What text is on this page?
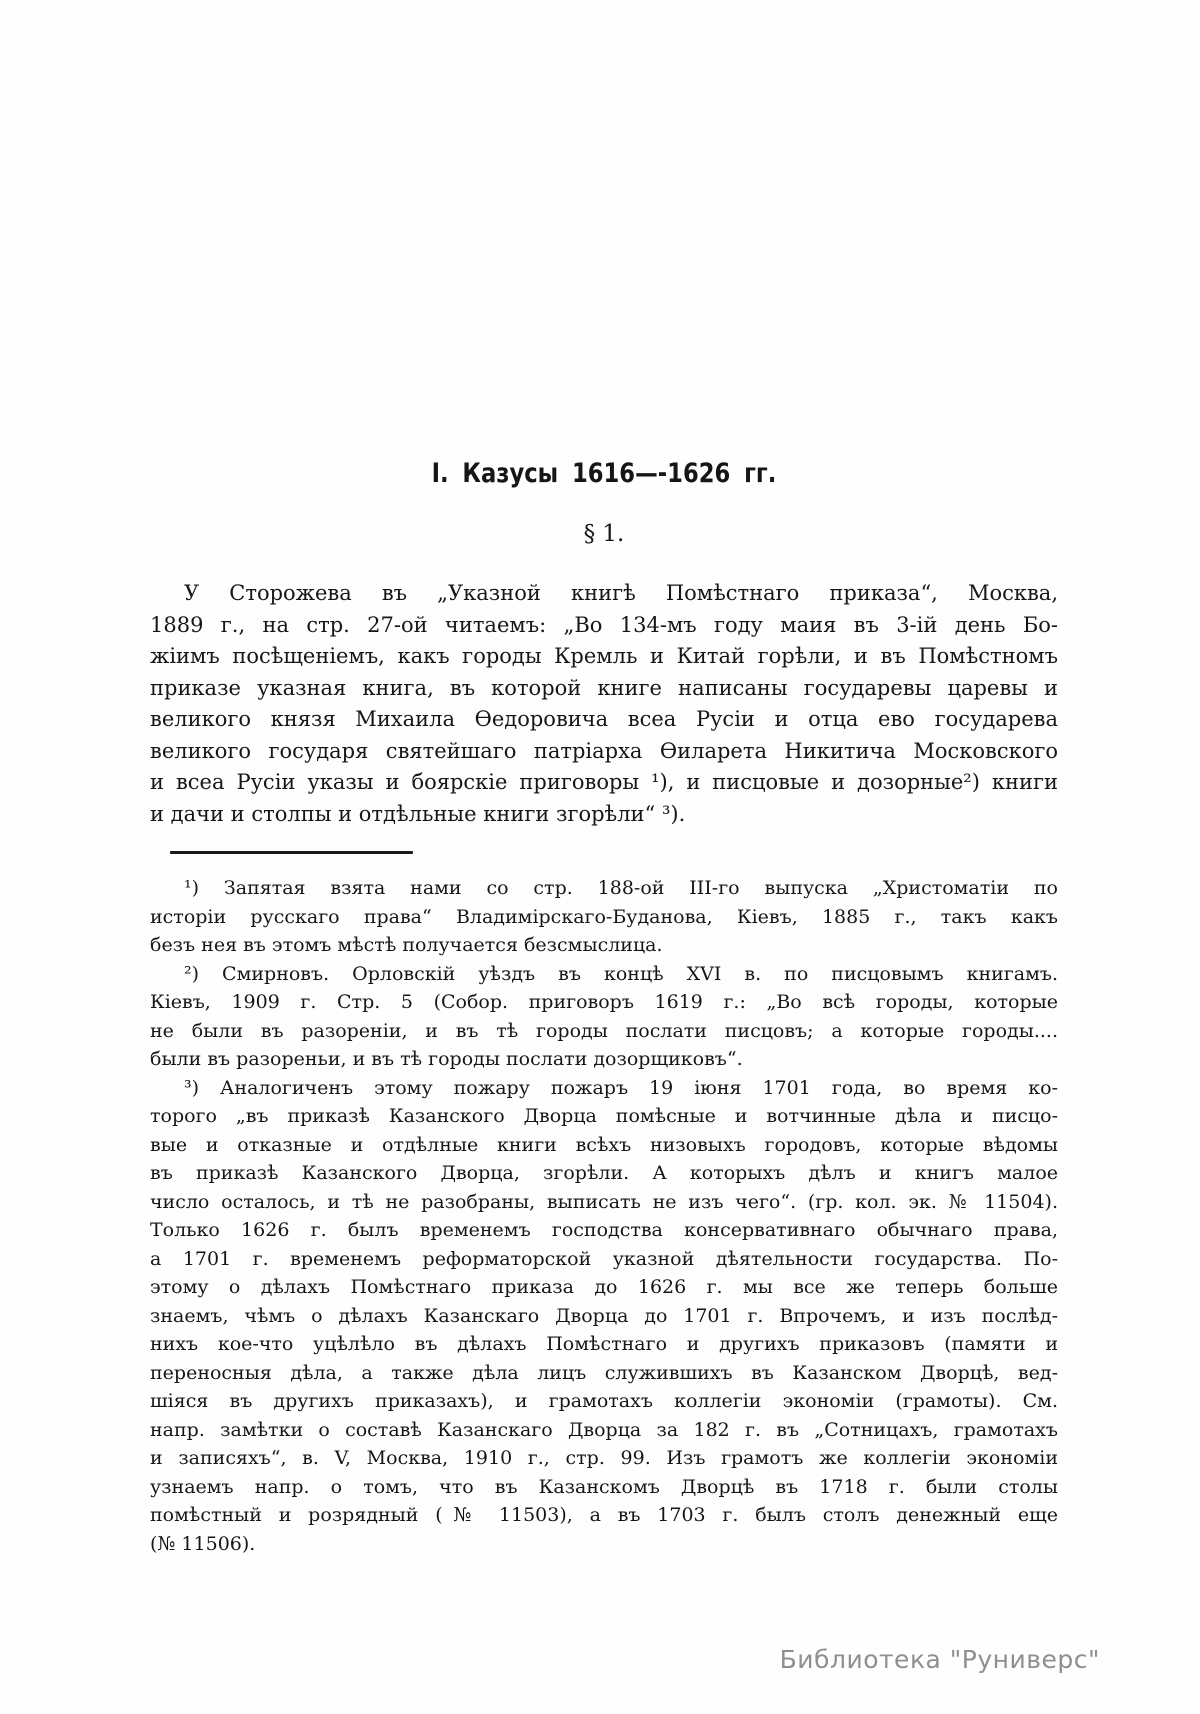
I. Казусы 1616—-1626 гг.
§ 1.
У Сторожева въ „Указной книгѣ Помѣстнаго приказа“, Москва,
1889 г., на стр. 27-ой читаемъ: „Во 134-мъ году маия въ 3-ій день Бо-
жіимъ посѣщеніемъ, какъ городы Кремль и Китай горѣли, и въ Помѣстномъ
приказе указная книга, въ которой книге написаны государевы царевы и
великого князя Михаила Ѳедоровича всеа Русіи и отца ево государева
великого государя святейшаго патріарха Ѳиларета Никитича Московского
и всеа Русіи указы и боярскіе приговоры ¹), и писцовые и дозорные²) книги
и дачи и столпы и отдѣльные книги згорѣли“ ³).
¹) Запятая взята нами со стр. 188-ой III-го выпуска „Христоматіи по
исторіи русскаго права“ Владимірскаго-Буданова, Кіевъ, 1885 г., такъ какъ
безъ нея въ этомъ мѣстѣ получается безсмыслица.
²) Смирновъ. Орловскій уѣздъ въ концѣ XVI в. по писцовымъ книгамъ.
Кіевъ, 1909 г. Стр. 5 (Собор. приговоръ 1619 г.: „Во всѣ городы, которые
не были въ разореніи, и въ тѣ городы послати писцовъ; а которые городы....
были въ разореньи, и въ тѣ городы послати дозорщиковъ“.
³) Аналогиченъ этому пожару пожаръ 19 іюня 1701 года, во время ко-
торого „въ приказѣ Казанского Дворца помѣсные и вотчинные дѣла и писцо-
вые и отказные и отдѣлные книги всѣхъ низовыхъ городовъ, которые вѣдомы
въ приказѣ Казанского Дворца, згорѣли. А которыхъ дѣлъ и книгъ малое
число осталось, и тѣ не разобраны, выписать не изъ чего“. (гр. кол. эк. № 11504).
Только 1626 г. былъ временемъ господства консервативнаго обычнаго права,
а 1701 г. временемъ реформаторской указной дѣятельности государства. По-
этому о дѣлахъ Помѣстнаго приказа до 1626 г. мы все же теперь больше
знаемъ, чѣмъ о дѣлахъ Казанскаго Дворца до 1701 г. Впрочемъ, и изъ послѣд-
нихъ кое-что уцѣлѣло въ дѣлахъ Помѣстнаго и другихъ приказовъ (памяти и
переносныя дѣла, а также дѣла лицъ служившихъ въ Казанском Дворцѣ, вед-
шіяся въ другихъ приказахъ), и грамотахъ коллегіи экономіи (грамоты). См.
напр. замѣтки о составѣ Казанскаго Дворца за 182 г. въ „Сотницахъ, грамотахъ
и записяхъ“, в. V, Москва, 1910 г., стр. 99. Изъ грамотъ же коллегіи экономіи
узнаемъ напр. о томъ, что въ Казанскомъ Дворцѣ въ 1718 г. были столы
помѣстный и розрядный (№ 11503), а въ 1703 г. былъ столъ денежный еще
(№ 11506).
Библиотека "Руниверс"
